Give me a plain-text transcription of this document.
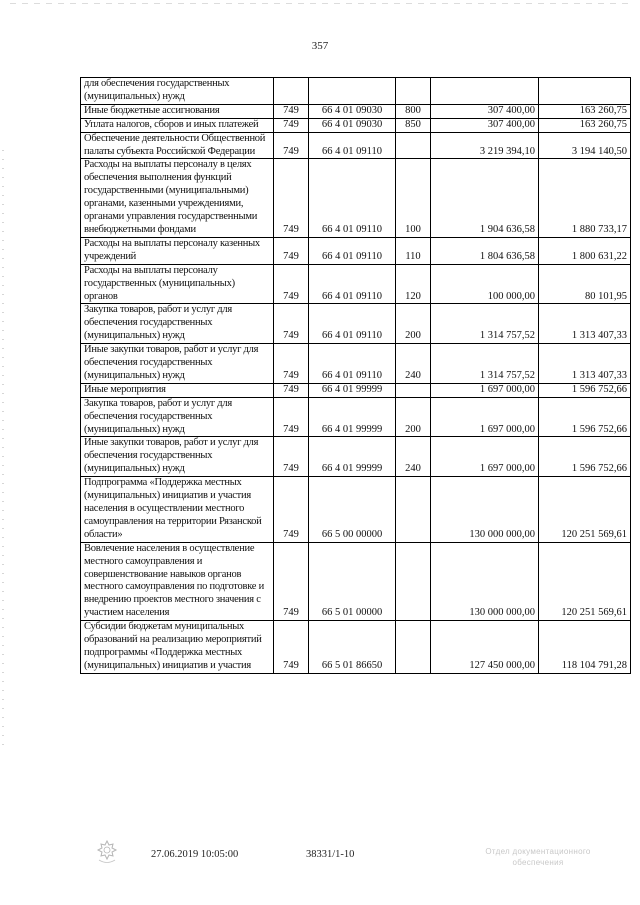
357
для обеспечения государственных (муниципальных) нужд					
Иные бюджетные ассигнования	749	66 4 01 09030	800	307 400,00	163 260,75
Уплата налогов, сборов и иных платежей	749	66 4 01 09030	850	307 400,00	163 260,75
Обеспечение деятельности Общественной палаты субъекта Российской Федерации	749	66 4 01 09110		3 219 394,10	3 194 140,50
Расходы на выплаты персоналу в целях обеспечения выполнения функций государственными (муниципальными) органами, казенными учреждениями, органами управления государственными внебюджетными фондами	749	66 4 01 09110	100	1 904 636,58	1 880 733,17
Расходы на выплаты персоналу казенных учреждений	749	66 4 01 09110	110	1 804 636,58	1 800 631,22
Расходы на выплаты персоналу государственных (муниципальных) органов	749	66 4 01 09110	120	100 000,00	80 101,95
Закупка товаров, работ и услуг для обеспечения государственных (муниципальных) нужд	749	66 4 01 09110	200	1 314 757,52	1 313 407,33
Иные закупки товаров, работ и услуг для обеспечения государственных (муниципальных) нужд	749	66 4 01 09110	240	1 314 757,52	1 313 407,33
Иные мероприятия	749	66 4 01 99999		1 697 000,00	1 596 752,66
Закупка товаров, работ и услуг для обеспечения государственных (муниципальных) нужд	749	66 4 01 99999	200	1 697 000,00	1 596 752,66
Иные закупки товаров, работ и услуг для обеспечения государственных (муниципальных) нужд	749	66 4 01 99999	240	1 697 000,00	1 596 752,66
Подпрограмма «Поддержка местных (муниципальных) инициатив и участия населения в осуществлении местного самоуправления на территории Рязанской области»	749	66 5 00 00000		130 000 000,00	120 251 569,61
Вовлечение населения в осуществление местного самоуправления и совершенствование навыков органов местного самоуправления по подготовке и внедрению проектов местного значения с участием населения	749	66 5 01 00000		130 000 000,00	120 251 569,61
Субсидии бюджетам муниципальных образований на реализацию мероприятий подпрограммы «Поддержка местных (муниципальных) инициатив и участия	749	66 5 01 86650		127 450 000,00	118 104 791,28
27.06.2019 10:05:00	38331/1-10	Отдел документационного
обеспечения
